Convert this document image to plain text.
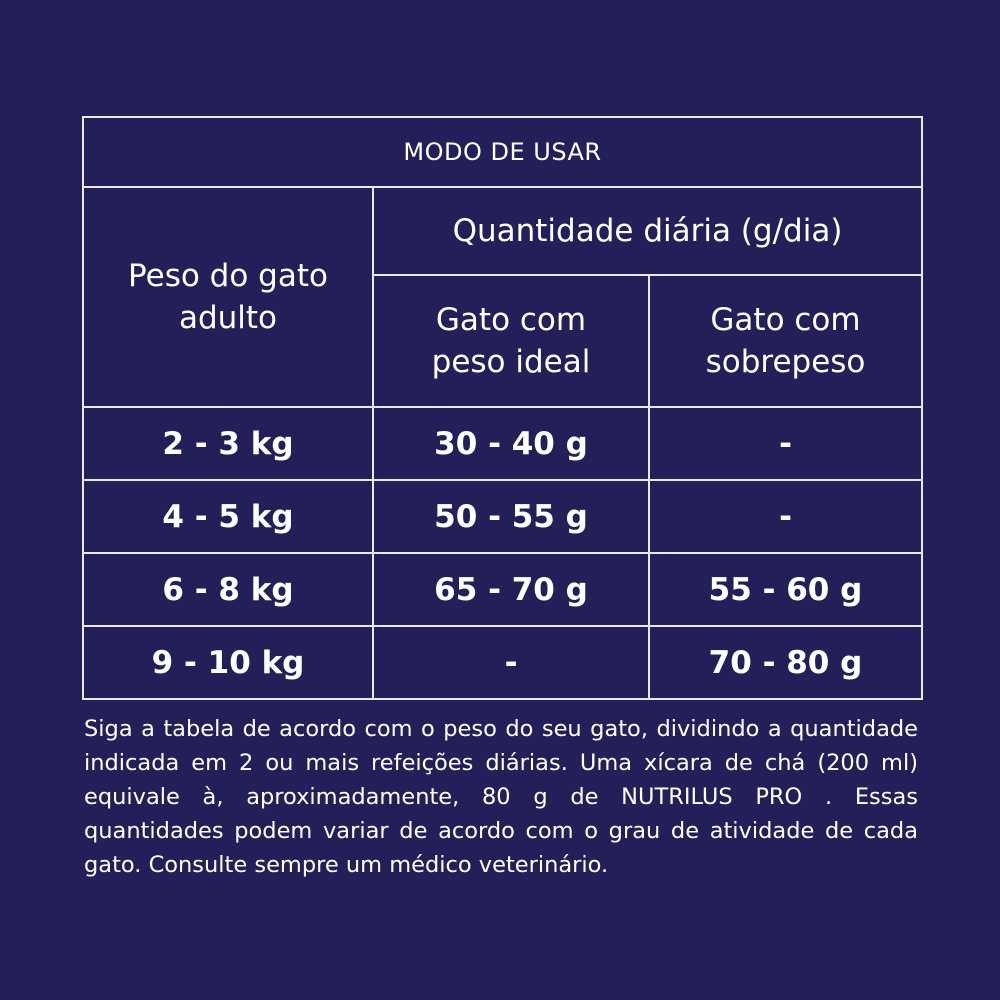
MODO DE USAR		

Peso do gato adulto	Quantidade diária (g/dia)	

	Gato com peso ideal	Gato com sobrepeso

2 - 3 kg	30 - 40 g	-
4 - 5 kg	50 - 55 g	-
6 - 8 kg	65 - 70 g	55 - 60 g
9 - 10 kg	-	70 - 80 g

Siga a tabela de acordo com o peso do seu gato, dividindo a quantidade indicada em 2 ou mais refeições diárias. Uma xícara de chá (200 ml) equivale à, aproximadamente, 80 g de NUTRILUS PRO . Essas quantidades podem variar de acordo com o grau de atividade de cada gato. Consulte sempre um médico veterinário.
